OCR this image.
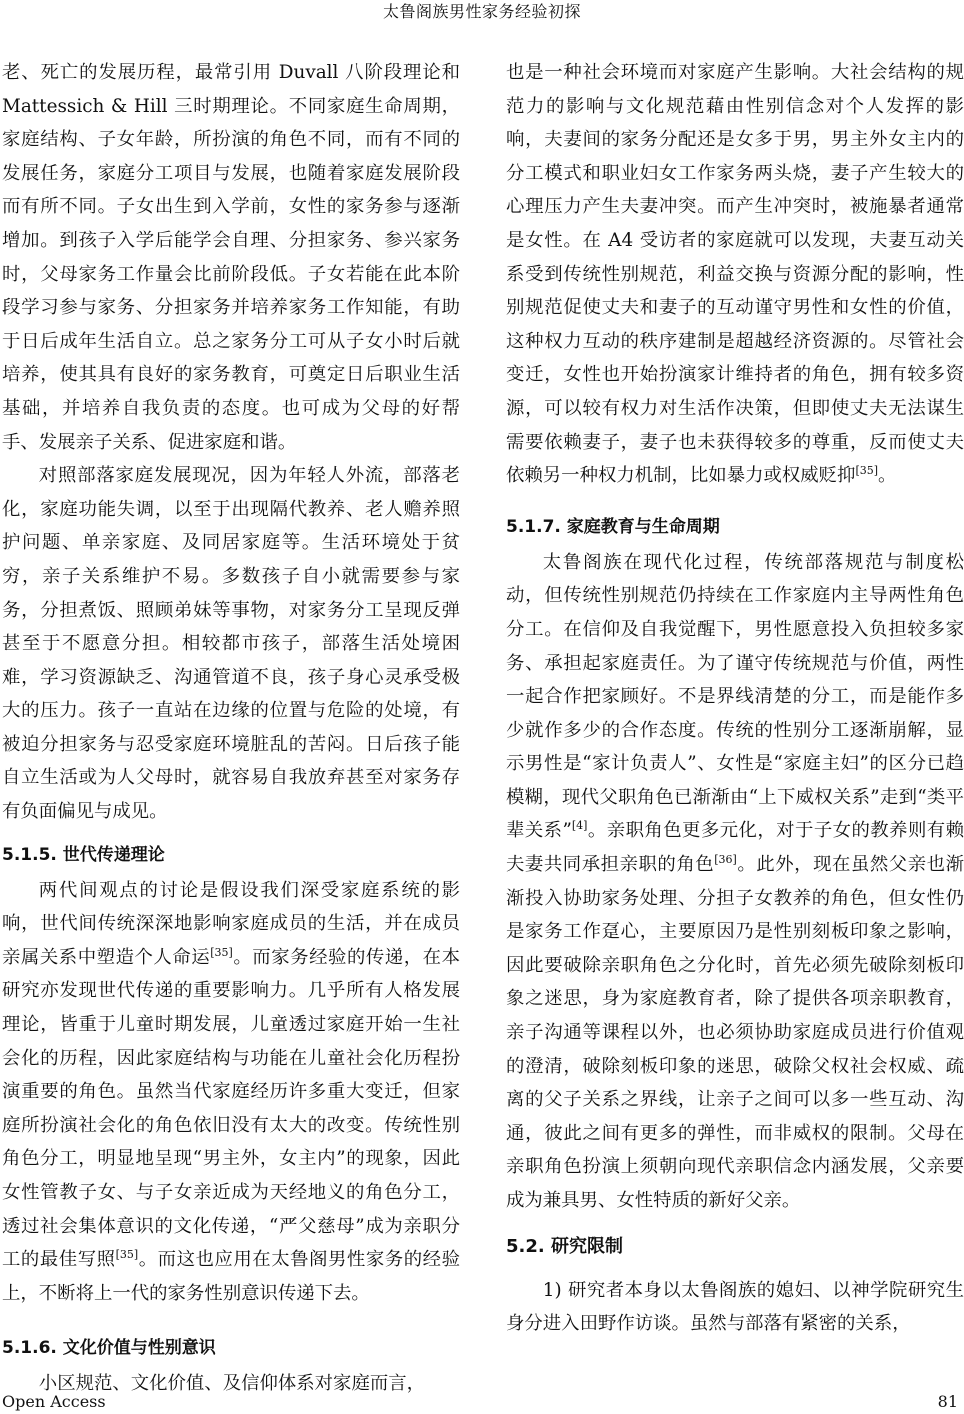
太鲁阁族男性家务经验初探

老、死亡的发展历程，最常引用 Duvall 八阶段理论和 Mattessich & Hill 三时期理论。不同家庭生命周期，家庭结构、子女年龄，所扮演的角色不同，而有不同的发展任务，家庭分工项目与发展，也随着家庭发展阶段而有所不同。子女出生到入学前，女性的家务参与逐渐增加。到孩子入学后能学会自理、分担家务、参兴家务时，父母家务工作量会比前阶段低。子女若能在此本阶段学习参与家务、分担家务并培养家务工作知能，有助于日后成年生活自立。总之家务分工可从子女小时后就培养，使其具有良好的家务教育，可奠定日后职业生活基础，并培养自我负责的态度。也可成为父母的好帮手、发展亲子关系、促进家庭和谐。

对照部落家庭发展现况，因为年轻人外流，部落老化，家庭功能失调，以至于出现隔代教养、老人赡养照护问题、单亲家庭、及同居家庭等。生活环境处于贫穷，亲子关系维护不易。多数孩子自小就需要参与家务，分担煮饭、照顾弟妹等事物，对家务分工呈现反弹甚至于不愿意分担。相较都市孩子，部落生活处境困难，学习资源缺乏、沟通管道不良，孩子身心灵承受极大的压力。孩子一直站在边缘的位置与危险的处境，有被迫分担家务与忍受家庭环境脏乱的苦闷。日后孩子能自立生活或为人父母时，就容易自我放弃甚至对家务存有负面偏见与成见。

5.1.5. 世代传递理论

两代间观点的讨论是假设我们深受家庭系统的影响，世代间传统深深地影响家庭成员的生活，并在成员亲属关系中塑造个人命运[35]。而家务经验的传递，在本研究亦发现世代传递的重要影响力。几乎所有人格发展理论，皆重于儿童时期发展，儿童透过家庭开始一生社会化的历程，因此家庭结构与功能在儿童社会化历程扮演重要的角色。虽然当代家庭经历许多重大变迁，但家庭所扮演社会化的角色依旧没有太大的改变。传统性别角色分工，明显地呈现“男主外，女主内”的现象，因此女性管教子女、与子女亲近成为天经地义的角色分工，透过社会集体意识的文化传递，“严父慈母”成为亲职分工的最佳写照[35]。而这也应用在太鲁阁男性家务的经验上，不断将上一代的家务性别意识传递下去。

5.1.6. 文化价值与性别意识

小区规范、文化价值、及信仰体系对家庭而言，

也是一种社会环境而对家庭产生影响。大社会结构的规范力的影响与文化规范藉由性别信念对个人发挥的影响，夫妻间的家务分配还是女多于男，男主外女主内的分工模式和职业妇女工作家务两头烧，妻子产生较大的心理压力产生夫妻冲突。而产生冲突时，被施暴者通常是女性。在 A4 受访者的家庭就可以发现，夫妻互动关系受到传统性别规范，利益交换与资源分配的影响，性别规范促使丈夫和妻子的互动谨守男性和女性的价值，这种权力互动的秩序建制是超越经济资源的。尽管社会变迁，女性也开始扮演家计维持者的角色，拥有较多资源，可以较有权力对生活作决策，但即使丈夫无法谋生需要依赖妻子，妻子也未获得较多的尊重，反而使丈夫依赖另一种权力机制，比如暴力或权威贬抑[35]。

5.1.7. 家庭教育与生命周期

太鲁阁族在现代化过程，传统部落规范与制度松动，但传统性别规范仍持续在工作家庭内主导两性角色分工。在信仰及自我觉醒下，男性愿意投入负担较多家务、承担起家庭责任。为了谨守传统规范与价值，两性一起合作把家顾好。不是界线清楚的分工，而是能作多少就作多少的合作态度。传统的性别分工逐渐崩解，显示男性是“家计负责人”、女性是“家庭主妇”的区分已趋模糊，现代父职角色已渐渐由“上下威权关系”走到“类平辈关系”[4]。亲职角色更多元化，对于子女的教养则有赖夫妻共同承担亲职的角色[36]。此外，现在虽然父亲也渐渐投入协助家务处理、分担子女教养的角色，但女性仍是家务工作趸心，主要原因乃是性别刻板印象之影响，因此要破除亲职角色之分化时，首先必须先破除刻板印象之迷思，身为家庭教育者，除了提供各项亲职教育，亲子沟通等课程以外，也必须协助家庭成员进行价值观的澄清，破除刻板印象的迷思，破除父权社会权威、疏离的父子关系之界线，让亲子之间可以多一些互动、沟通，彼此之间有更多的弹性，而非威权的限制。父母在亲职角色扮演上须朝向现代亲职信念内涵发展，父亲要成为兼具男、女性特质的新好父亲。

5.2. 研究限制

1) 研究者本身以太鲁阁族的媳妇、以神学院研究生身分进入田野作访谈。虽然与部落有紧密的关系，

Open Access	81
